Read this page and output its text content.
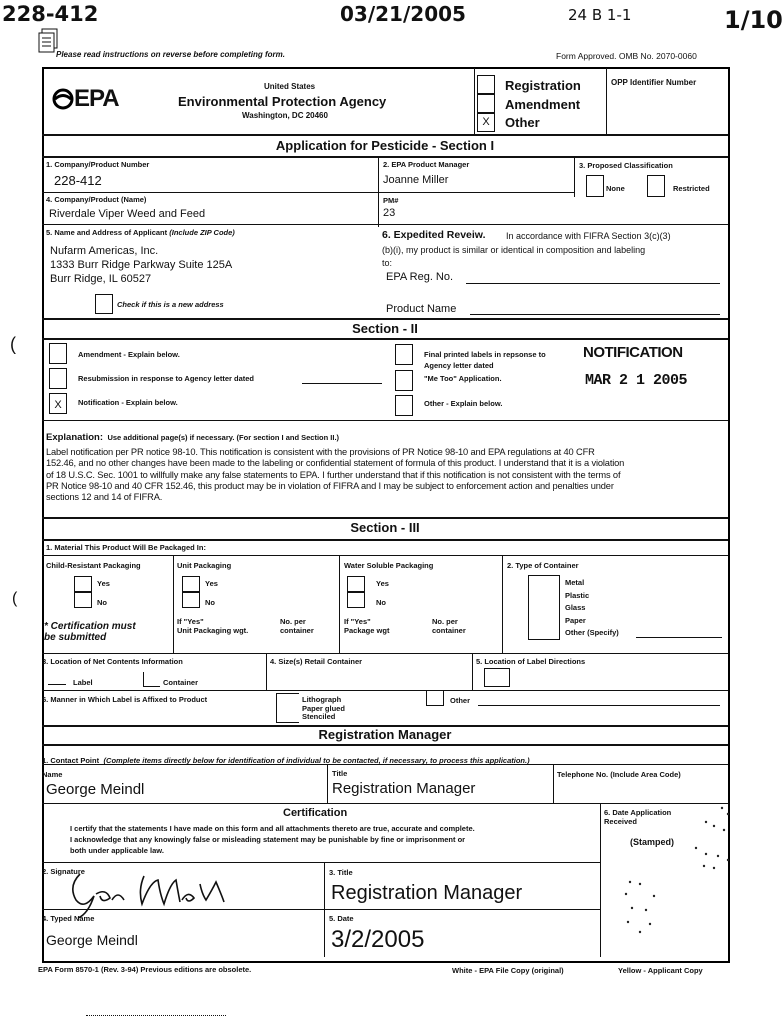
228-412	03/21/2005	24 B 1-1	1/10
Please read instructions on reverse before completing form.	Form Approved. OMB No. 2070-0060
EPA	United States
Environmental Protection Agency
Washington, DC 20460
X
Registration
Amendment
Other
OPP Identifier Number
Application for Pesticide - Section I
1. Company/Product Number
228-412
2. EPA Product Manager
Joanne Miller
3. Proposed Classification
None	Restricted
4. Company/Product (Name)
Riverdale Viper Weed and Feed
PM#
23
5. Name and Address of Applicant (Include ZIP Code)
Nufarm Americas, Inc.
1333 Burr Ridge Parkway Suite 125A
Burr Ridge, IL 60527
Check if this is a new address
6. Expedited Reveiw. In accordance with FIFRA Section 3(c)(3)
(b)(i), my product is similar or identical in composition and labeling
to:
EPA Reg. No.
Product Name
Section - II
Amendment - Explain below.
Resubmission in response to Agency letter dated
X	Notification - Explain below.
Final printed labels in repsonse to
Agency letter dated
"Me Too" Application.
Other - Explain below.
NOTIFICATION
MAR 2 1 2005
Explanation: Use additional page(s) if necessary. (For section I and Section II.)
Label notification per PR notice 98-10. This notification is consistent with the provisions of PR Notice 98-10 and EPA regulations at 40 CFR
152.46, and no other changes have been made to the labeling or confidential statement of formula of this product. I understand that it is a violation
of 18 U.S.C. Sec. 1001 to willfully make any false statements to EPA. I further understand that if this notification is not consistent with the terms of
PR Notice 98-10 and 40 CFR 152.46, this product may be in violation of FIFRA and I may be subject to enforcement action and penalties under
sections 12 and 14 of FIFRA.
Section - III
1. Material This Product Will Be Packaged In:
Child-Resistant Packaging
Yes
No
* Certification must
be submitted
Unit Packaging
Yes
No
If "Yes"
Unit Packaging wgt.
No. per
container
Water Soluble Packaging
Yes
No
If "Yes"
Package wgt
No. per
container
2. Type of Container
Metal
Plastic
Glass
Paper
Other (Specify)
3. Location of Net Contents Information
Label	Container
4. Size(s) Retail Container	5. Location of Label Directions
6. Manner in Which Label is Affixed to Product	Lithograph
Paper glued
Stenciled
Other
Registration Manager
1. Contact Point (Complete items directly below for identification of individual to be contacted, if necessary, to process this application.)
Name
George Meindl
Title
Registration Manager
Telephone No. (Include Area Code)
Certification
I certify that the statements I have made on this form and all attachments thereto are true, accurate and complete.
I acknowledge that any knowingly false or misleading statement may be punishable by fine or imprisonment or
both under applicable law.
6. Date Application
Received
(Stamped)
2. Signature	3. Title
Registration Manager
4. Typed Name
George Meindl
5. Date
3/2/2005
(
(
EPA Form 8570-1 (Rev. 3-94) Previous editions are obsolete.	White - EPA File Copy (original)	Yellow - Applicant Copy
